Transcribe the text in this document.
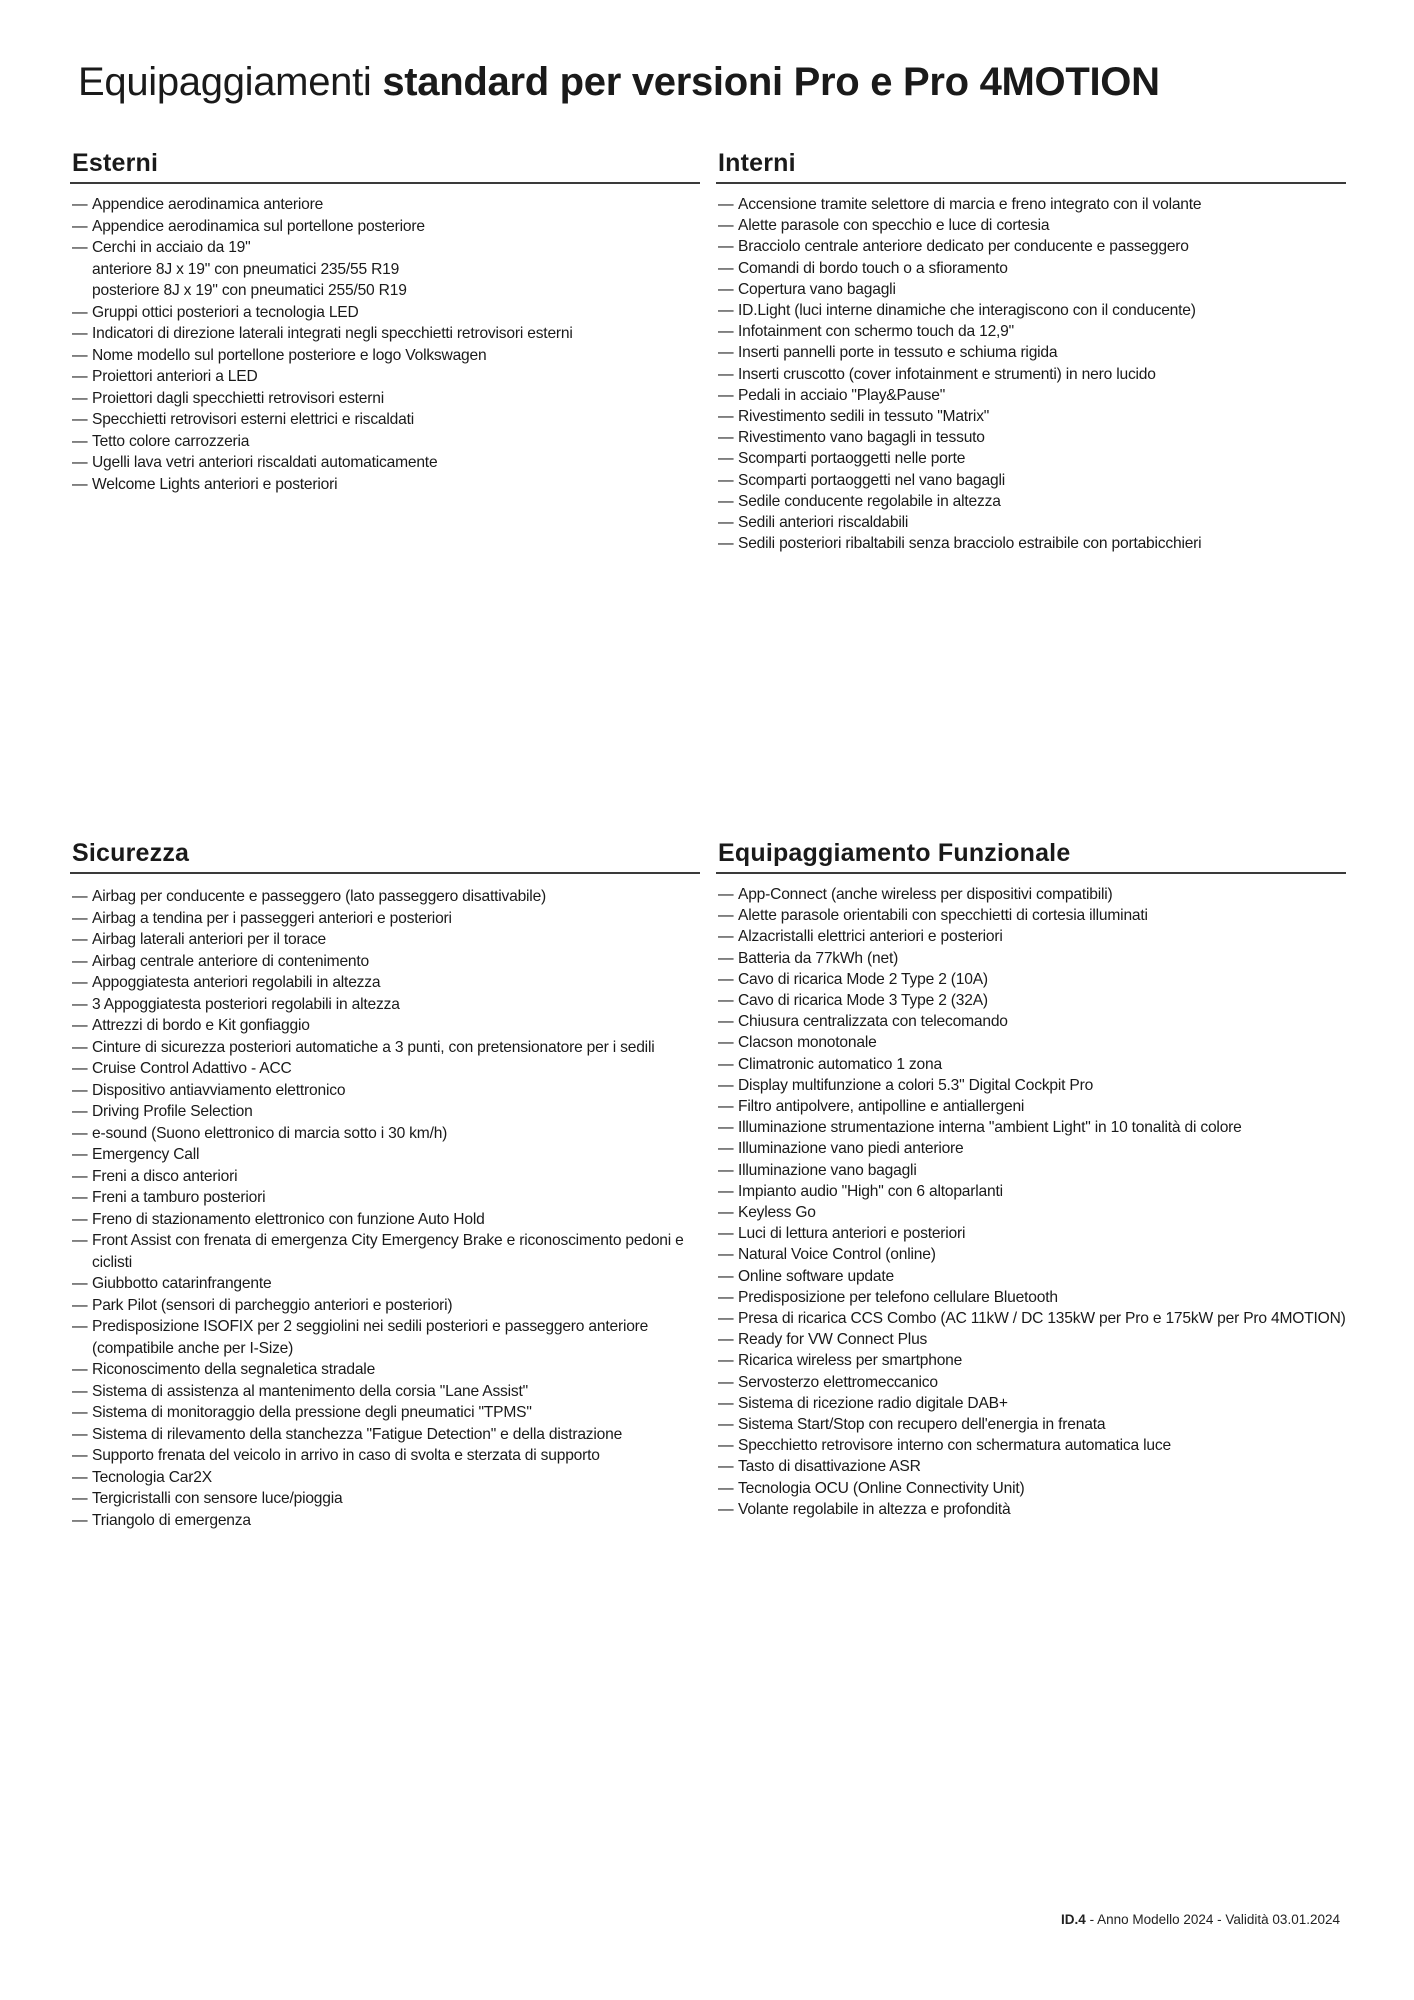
Equipaggiamenti standard per versioni Pro e Pro 4MOTION
Esterni
— Appendice aerodinamica anteriore
— Appendice aerodinamica sul portellone posteriore
— Cerchi in acciaio da 19"
anteriore 8J x 19" con pneumatici 235/55 R19
posteriore 8J x 19" con pneumatici 255/50 R19
— Gruppi ottici posteriori a tecnologia LED
— Indicatori di direzione laterali integrati negli specchietti retrovisori esterni
— Nome modello sul portellone posteriore e logo Volkswagen
— Proiettori anteriori a LED
— Proiettori dagli specchietti retrovisori esterni
— Specchietti retrovisori esterni elettrici e riscaldati
— Tetto colore carrozzeria
— Ugelli lava vetri anteriori riscaldati automaticamente
— Welcome Lights anteriori e posteriori
Interni
— Accensione tramite selettore di marcia e freno integrato con il volante
— Alette parasole con specchio e luce di cortesia
— Bracciolo centrale anteriore dedicato per conducente e passeggero
— Comandi di bordo touch o a sfioramento
— Copertura vano bagagli
— ID.Light (luci interne dinamiche che interagiscono con il conducente)
— Infotainment con schermo touch da 12,9"
— Inserti pannelli porte in tessuto e schiuma rigida
— Inserti cruscotto (cover infotainment e strumenti) in nero lucido
— Pedali in acciaio "Play&Pause"
— Rivestimento sedili in tessuto "Matrix"
— Rivestimento vano bagagli in tessuto
— Scomparti portaoggetti nelle porte
— Scomparti portaoggetti nel vano bagagli
— Sedile conducente regolabile in altezza
— Sedili anteriori riscaldabili
— Sedili posteriori ribaltabili senza bracciolo estraibile con portabicchieri
Sicurezza
— Airbag per conducente e passeggero (lato passeggero disattivabile)
— Airbag a tendina per i passeggeri anteriori e posteriori
— Airbag laterali anteriori per il torace
— Airbag centrale anteriore di contenimento
— Appoggiatesta anteriori regolabili in altezza
— 3 Appoggiatesta posteriori regolabili in altezza
— Attrezzi di bordo e Kit gonfiaggio
— Cinture di sicurezza posteriori automatiche a 3 punti, con pretensionatore per i sedili
— Cruise Control Adattivo - ACC
— Dispositivo antiavviamento elettronico
— Driving Profile Selection
— e-sound (Suono elettronico di marcia sotto i 30 km/h)
— Emergency Call
— Freni a disco anteriori
— Freni a tamburo posteriori
— Freno di stazionamento elettronico con funzione Auto Hold
— Front Assist con frenata di emergenza City Emergency Brake e riconoscimento pedoni e ciclisti
— Giubbotto catarinfrangente
— Park Pilot (sensori di parcheggio anteriori e posteriori)
— Predisposizione ISOFIX per 2 seggiolini nei sedili posteriori e passeggero anteriore (compatibile anche per I-Size)
— Riconoscimento della segnaletica stradale
— Sistema di assistenza al mantenimento della corsia "Lane Assist"
— Sistema di monitoraggio della pressione degli pneumatici "TPMS"
— Sistema di rilevamento della stanchezza "Fatigue Detection" e della distrazione
— Supporto frenata del veicolo in arrivo in caso di svolta e sterzata di supporto
— Tecnologia Car2X
— Tergicristalli con sensore luce/pioggia
— Triangolo di emergenza
Equipaggiamento Funzionale
— App-Connect (anche wireless per dispositivi compatibili)
— Alette parasole orientabili con specchietti di cortesia illuminati
— Alzacristalli elettrici anteriori e posteriori
— Batteria da 77kWh (net)
— Cavo di ricarica Mode 2 Type 2 (10A)
— Cavo di ricarica Mode 3 Type 2 (32A)
— Chiusura centralizzata con telecomando
— Clacson monotonale
— Climatronic automatico 1 zona
— Display multifunzione a colori 5.3" Digital Cockpit Pro
— Filtro antipolvere, antipolline e antiallergeni
— Illuminazione strumentazione interna "ambient Light" in 10 tonalità di colore
— Illuminazione vano piedi anteriore
— Illuminazione vano bagagli
— Impianto audio "High" con 6 altoparlanti
— Keyless Go
— Luci di lettura anteriori e posteriori
— Natural Voice Control (online)
— Online software update
— Predisposizione per telefono cellulare Bluetooth
— Presa di ricarica CCS Combo (AC 11kW / DC 135kW per Pro e 175kW per Pro 4MOTION)
— Ready for VW Connect Plus
— Ricarica wireless per smartphone
— Servosterzo elettromeccanico
— Sistema di ricezione radio digitale DAB+
— Sistema Start/Stop con recupero dell'energia in frenata
— Specchietto retrovisore interno con schermatura automatica luce
— Tasto di disattivazione ASR
— Tecnologia OCU (Online Connectivity Unit)
— Volante regolabile in altezza e profondità
ID.4 - Anno Modello 2024 - Validità 03.01.2024
